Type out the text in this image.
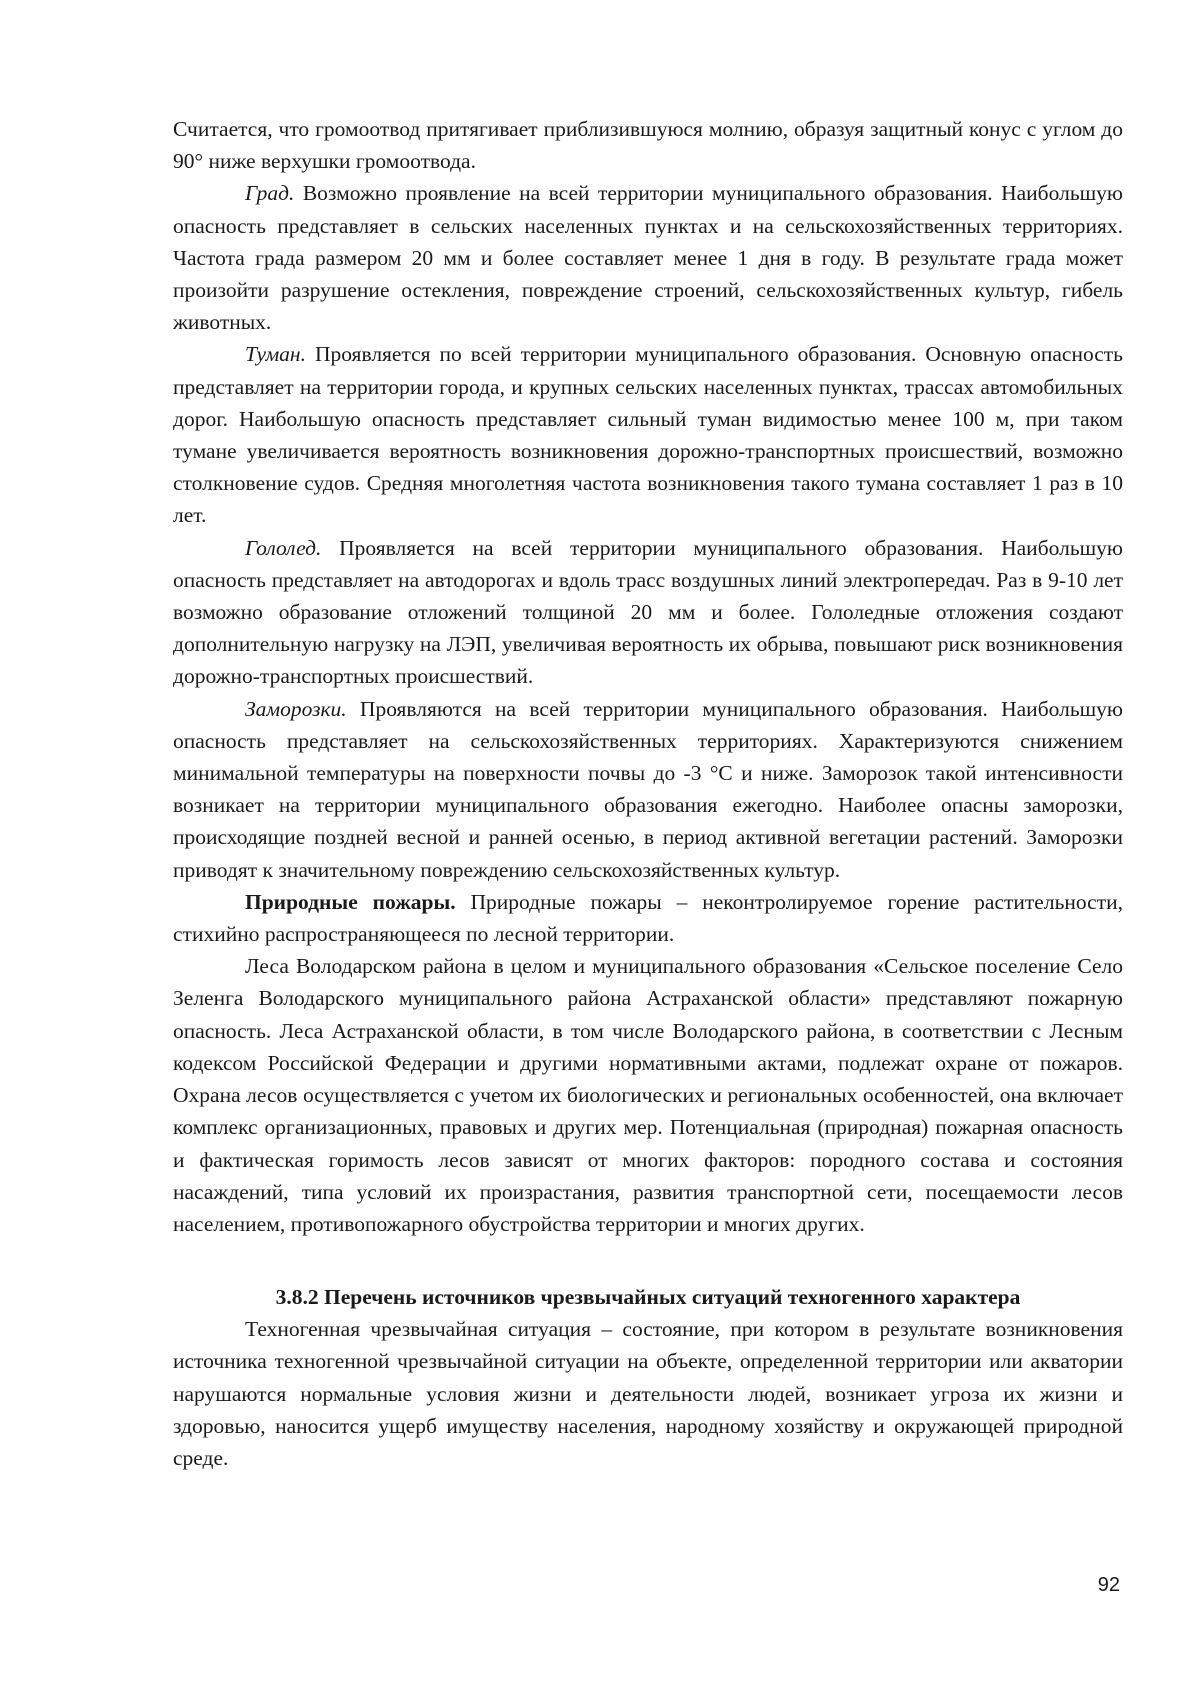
Считается, что громоотвод притягивает приблизившуюся молнию, образуя защитный конус с углом до 90° ниже верхушки громоотвода.

Град. Возможно проявление на всей территории муниципального образования. Наибольшую опасность представляет в сельских населенных пунктах и на сельскохозяйственных территориях. Частота града размером 20 мм и более составляет менее 1 дня в году. В результате града может произойти разрушение остекления, повреждение строений, сельскохозяйственных культур, гибель животных.

Туман. Проявляется по всей территории муниципального образования. Основную опасность представляет на территории города, и крупных сельских населенных пунктах, трассах автомобильных дорог. Наибольшую опасность представляет сильный туман видимостью менее 100 м, при таком тумане увеличивается вероятность возникновения дорожно-транспортных происшествий, возможно столкновение судов. Средняя многолетняя частота возникновения такого тумана составляет 1 раз в 10 лет.

Гололед. Проявляется на всей территории муниципального образования. Наибольшую опасность представляет на автодорогах и вдоль трасс воздушных линий электропередач. Раз в 9-10 лет возможно образование отложений толщиной 20 мм и более. Гололедные отложения создают дополнительную нагрузку на ЛЭП, увеличивая вероятность их обрыва, повышают риск возникновения дорожно-транспортных происшествий.

Заморозки. Проявляются на всей территории муниципального образования. Наибольшую опасность представляет на сельскохозяйственных территориях. Характеризуются снижением минимальной температуры на поверхности почвы до -3 °С и ниже. Заморозок такой интенсивности возникает на территории муниципального образования ежегодно. Наиболее опасны заморозки, происходящие поздней весной и ранней осенью, в период активной вегетации растений. Заморозки приводят к значительному повреждению сельскохозяйственных культур.

Природные пожары. Природные пожары – неконтролируемое горение растительности, стихийно распространяющееся по лесной территории.

Леса Володарском района в целом и муниципального образования «Сельское поселение Село Зеленга Володарского муниципального района Астраханской области» представляют пожарную опасность. Леса Астраханской области, в том числе Володарского района, в соответствии с Лесным кодексом Российской Федерации и другими нормативными актами, подлежат охране от пожаров. Охрана лесов осуществляется с учетом их биологических и региональных особенностей, она включает комплекс организационных, правовых и других мер. Потенциальная (природная) пожарная опасность и фактическая горимость лесов зависят от многих факторов: породного состава и состояния насаждений, типа условий их произрастания, развития транспортной сети, посещаемости лесов населением, противопожарного обустройства территории и многих других.

3.8.2 Перечень источников чрезвычайных ситуаций техногенного характера

Техногенная чрезвычайная ситуация – состояние, при котором в результате возникновения источника техногенной чрезвычайной ситуации на объекте, определенной территории или акватории нарушаются нормальные условия жизни и деятельности людей, возникает угроза их жизни и здоровью, наносится ущерб имуществу населения, народному хозяйству и окружающей природной среде.

92
